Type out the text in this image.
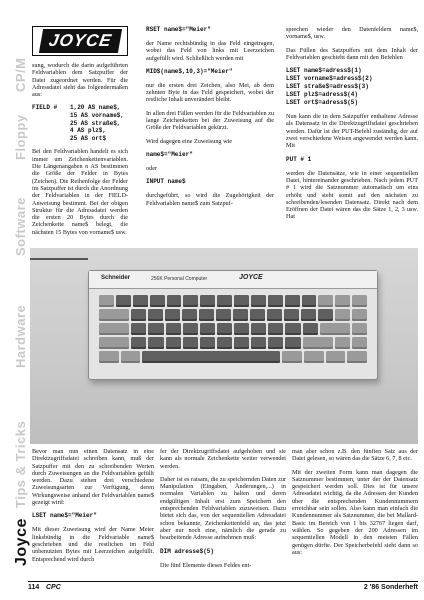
CP/M
Floppy
Software
Hardware
Tips & Tricks
Joyce
JOYCE

sung, wodurch die darin aufgeführten Feldvariablen dem Satzpuffer der Datei zugeordnet werden. Für die Adressdatei sieht das folgendermaßen aus:

FIELD #	1,20 AS name$,
15 AS vorname$,
25 AS straße$,
4 AS plz$,
25 AS ort$

Bei den Feldvariablen handelt es sich immer um Zeichenkettenvariablen. Die Längenangaben n AS bestimmen die Größe der Felder in Bytes (Zeichen). Die Reihenfolge der Felder im Satzpuffer ist durch die Anordnung der Feldvariablen in der FIELD-Anweisung bestimmt. Bei der obigen Struktur für die Adressdatei werden die ersten 20 Bytes durch die Zeichenkette name$ belegt, die nächsten 15 Bytes von vorname$ usw.

RSET name$="Meier"

der Name rechtsbündig in das Feld eingetragen, wobei das Feld von links mit Leerzeichen aufgefüllt wird. Schließlich werden mit

MID$(name$,10,3)="Meier"

nur die ersten drei Zeichen, also Mei, ab dem zehnten Byte in das Feld gespeichert, wobei der restliche Inhalt unverändert bleibt.

In allen drei Fällen werden für die Feldvariablen zu lange Zeichenketten bei der Zuweisung auf die Größe der Feldvariablen gekürzt.

Wird dagegen eine Zuweisung wie

name$="Meier"

oder

INPUT name$

durchgeführt, so wird die Zugehörigkeit der Feldvariablen name$ zum Satzpuf-

sprechen wieder den Datenfeldern name$, vorname$, usw.

Das Füllen des Satzpuffers mit dem Inhalt der Feldvariablen geschieht dann mit den Befehlen

LSET name$=adress$(1)
LSET vorname$=adress$(2)
LSET straße$=adress$(3)
LSET plz$=adress$(4)
LSET ort$=adress$(5)

Nun kann die in dem Satzpuffer enthaltene Adresse als Datensatz in die Direktzugriffsdatei geschrieben werden. Dafür ist der PUT-Befehl zuständig, der auf zwei verschiedene Weisen angewendet werden kann. Mit

PUT # 1

werden die Datensätze, wie in einer sequentiellen Datei, hintereinander geschrieben. Nach jedem PUT # 1 wird die Satznummer automatisch um eins erhöht und steht somit auf den nächsten zu schreibenden/lesenden Datensatz. Direkt nach dem Eröffnen der Datei wären das die Sätze 1, 2, 3 usw. Hat

Schneider	256K Personal Computer	JOYCE

Bevor man nun einen Datensatz in eine Direktzugriffsdatei schreiben kann, muß der Satzpuffer mit den zu schreibenden Werten durch Zuweisungen an die Feldvariablen gefüllt werden. Dazu stehen drei verschiedene Zuweisungsarten zur Verfügung, deren Wirkungsweise anhand der Feldvariablen name$ gezeigt wird:

LSET name$="Meier"

Mit dieser Zuweisung wird der Name Meier linksbündig in die Feldvariable name$ geschrieben und die restlichen im Feld unbenutzten Bytes mit Leerzeichen aufgefüllt. Entsprechend wird durch

fer der Direktzugriffsdatei aufgehoben und sie kann als normale Zeichenkette weiter verwendet werden.

Daher ist es ratsam, die zu speichernden Daten zur Manipulation (Eingaben, Änderungen,...) in normalen Variablen zu halten und deren endgültigen Inhalt erst zum Speichern den entsprechenden Feldvariablen zuzuweisen. Dazu bietet sich das, von der sequentiellen Adressdatei schon bekannte, Zeichenkettenfeld an, das jetzt aber nur noch eine, nämlich die gerade zu bearbeitende Adresse aufnehmen muß:

DIM adresse$(5)

Die fünf Elemente dieses Feldes ent-

man aber schon z.B. den fünften Satz aus der Datei gelesen, so wären das die Sätze 6, 7, 8 etc.

Mit der zweiten Form kann man dagegen die Satznummer bestimmen, unter der der Datensatz gespeichert werden soll. Dies ist für unsere Adressdatei wichtig, da die Adressen der Kunden über die entsprechenden Kundennummern erreichbar sein sollen. Also kann man einfach die Kundennummer als Satznummer, die bei Mallard-Basic im Bereich von 1 bis 32767 liegen darf, wählen. So gegeben der 200 Adressen im sequentiellen Modell in den meisten Fällen genügen dürfte. Der Speicherbefehl sieht dann so aus:

114 CPC	2 '86 Sonderheft
